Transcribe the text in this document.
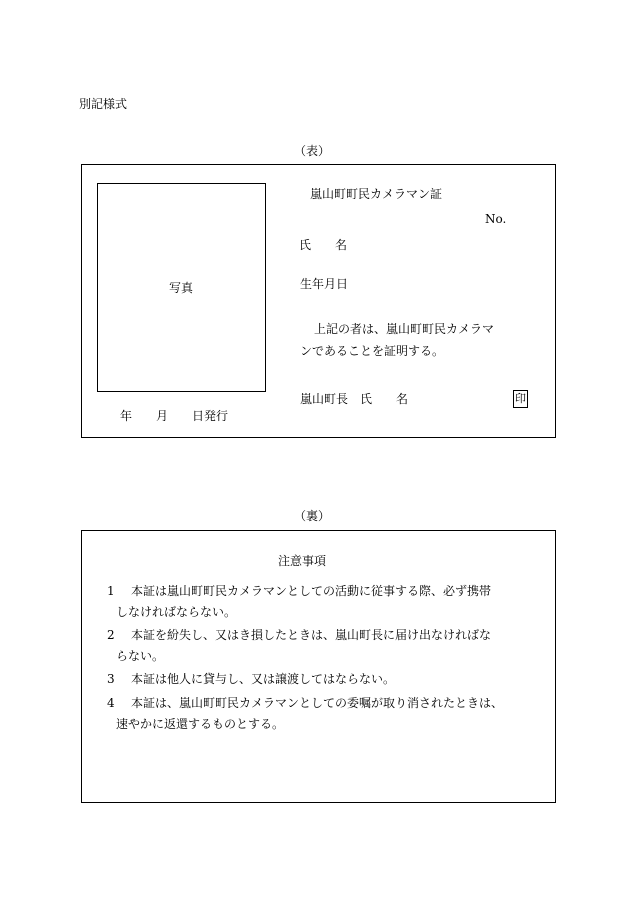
別記様式
（表）
写真
年　　月　　日発行
嵐山町町民カメラマン証
No.
氏　　名
生年月日
上記の者は、嵐山町町民カメラマ
ンであることを証明する。
嵐山町長　氏　　名	印
（裏）
注意事項
1 本証は嵐山町町民カメラマンとしての活動に従事する際、必ず携帯
しなければならない。
2 本証を紛失し、又はき損したときは、嵐山町長に届け出なければな
らない。
3 本証は他人に貸与し、又は譲渡してはならない。
4 本証は、嵐山町町民カメラマンとしての委嘱が取り消されたときは、
速やかに返還するものとする。
